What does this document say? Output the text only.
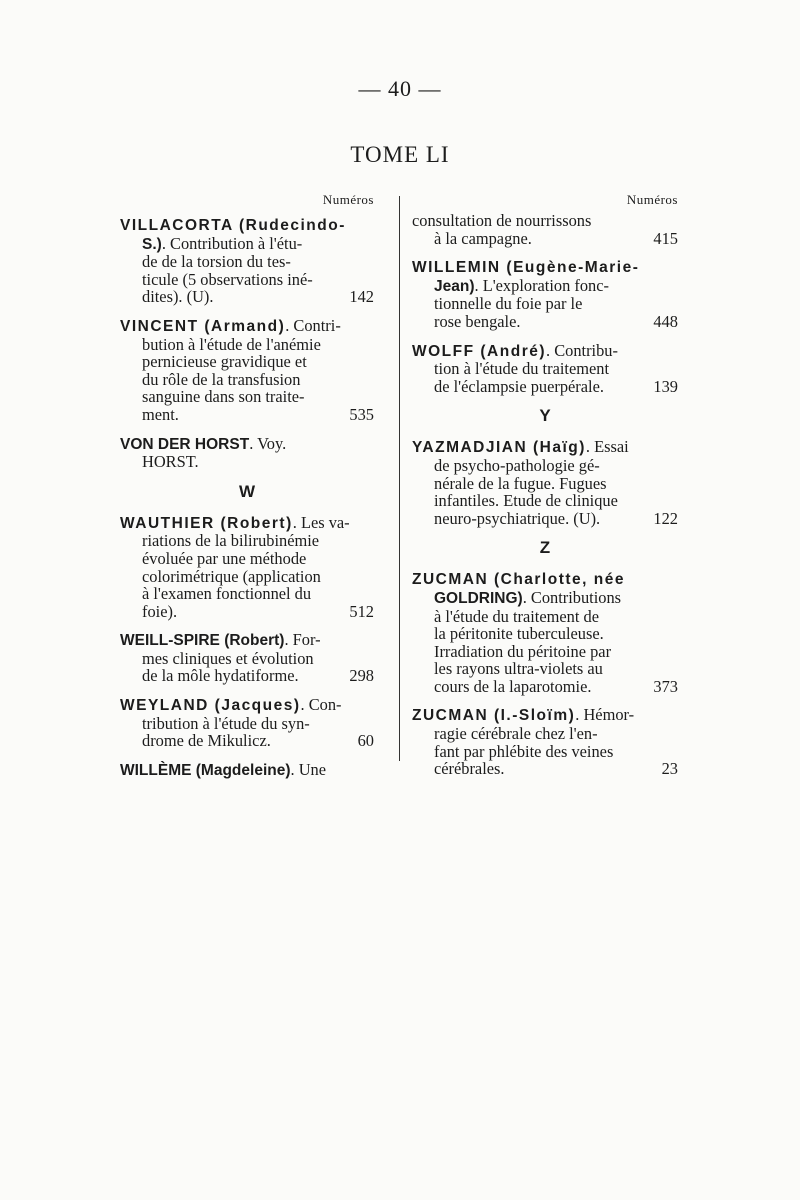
— 40 —
TOME LI
Numéros
VILLACORTA (Rudecindo-
S.). Contribution à l'étu-
de de la torsion du tes-
ticule (5 observations iné-
dites). (U).	142
VINCENT (Armand). Contri-
bution à l'étude de l'anémie
pernicieuse gravidique et
du rôle de la transfusion
sanguine dans son traite-
ment.	535
VON DER HORST. Voy.
HORST.
W
WAUTHIER (Robert). Les va-
riations de la bilirubinémie
évoluée par une méthode
colorimétrique (application
à l'examen fonctionnel du
foie).	512
WEILL-SPIRE (Robert). For-
mes cliniques et évolution
de la môle hydatiforme.	298
WEYLAND (Jacques). Con-
tribution à l'étude du syn-
drome de Mikulicz.	60
WILLÈME (Magdeleine). Une
Numéros
consultation de nourrissons
à la campagne.	415
WILLEMIN (Eugène-Marie-
Jean). L'exploration fonc-
tionnelle du foie par le
rose bengale.	448
WOLFF (André). Contribu-
tion à l'étude du traitement
de l'éclampsie puerpérale.	139
Y
YAZMADJIAN (Haïg). Essai
de psycho-pathologie gé-
nérale de la fugue. Fugues
infantiles. Etude de clinique
neuro-psychiatrique. (U).	122
Z
ZUCMAN (Charlotte, née
GOLDRING). Contributions
à l'étude du traitement de
la péritonite tuberculeuse.
Irradiation du péritoine par
les rayons ultra-violets au
cours de la laparotomie.	373
ZUCMAN (I.-Sloïm). Hémor-
ragie cérébrale chez l'en-
fant par phlébite des veines
cérébrales.	23
